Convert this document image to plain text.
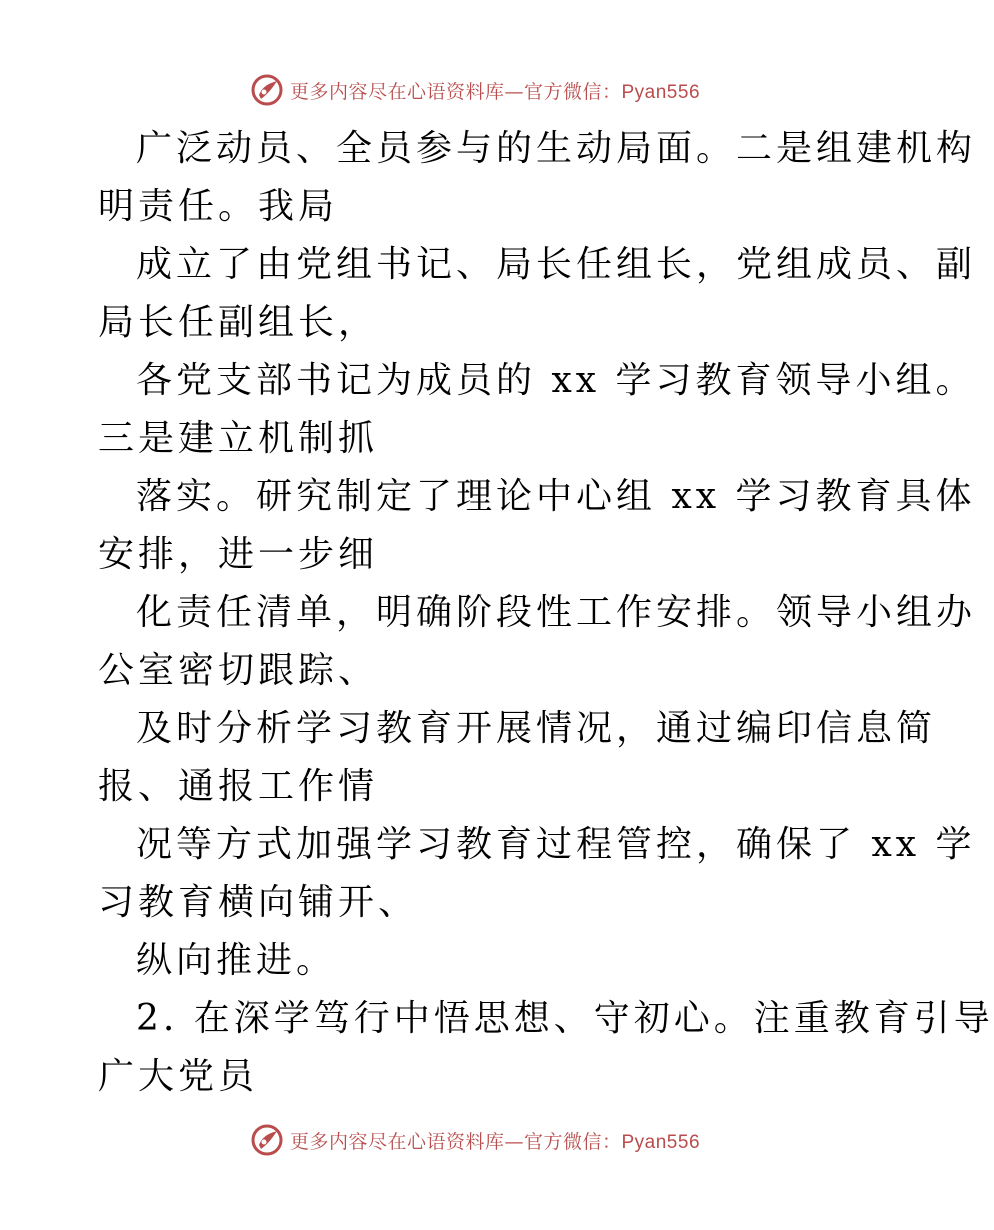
更多内容尽在心语资料库—官方微信：Pyan556
广泛动员、全员参与的生动局面。二是组建机构
明责任。我局
成立了由党组书记、局长任组长，党组成员、副
局长任副组长，
各党支部书记为成员的 xx 学习教育领导小组。
三是建立机制抓
落实。研究制定了理论中心组 xx 学习教育具体
安排，进一步细
化责任清单，明确阶段性工作安排。领导小组办
公室密切跟踪、
及时分析学习教育开展情况，通过编印信息简
报、通报工作情
况等方式加强学习教育过程管控，确保了 xx 学
习教育横向铺开、
纵向推进。
2. 在深学笃行中悟思想、守初心。注重教育引导
广大党员
更多内容尽在心语资料库—官方微信：Pyan556
